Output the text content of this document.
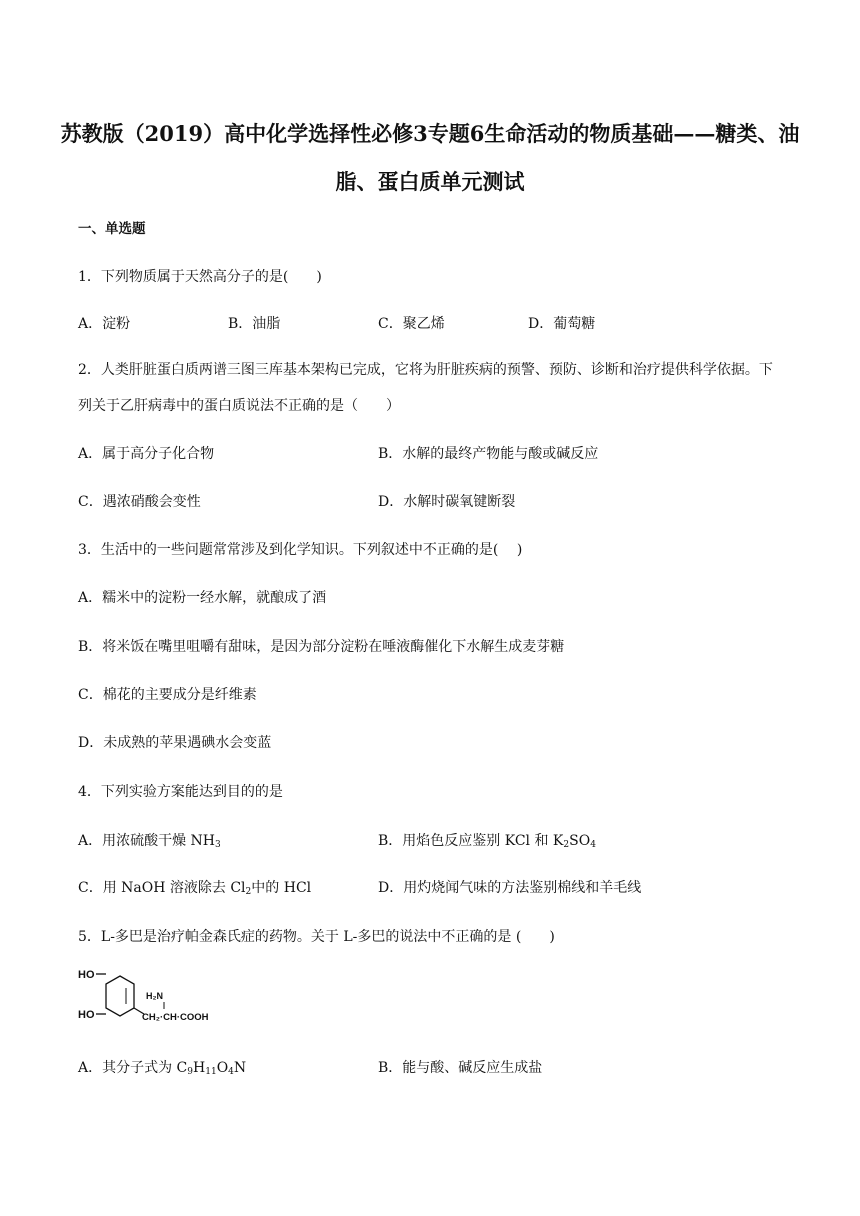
苏教版（2019）高中化学选择性必修3专题6生命活动的物质基础——糖类、油脂、蛋白质单元测试
一、单选题
1．下列物质属于天然高分子的是(　　)
A．淀粉	B．油脂	C．聚乙烯	D．葡萄糖
2．人类肝脏蛋白质两谱三图三库基本架构已完成，它将为肝脏疾病的预警、预防、诊断和治疗提供科学依据。下列关于乙肝病毒中的蛋白质说法不正确的是（　　）
A．属于高分子化合物	B．水解的最终产物能与酸或碱反应
C．遇浓硝酸会变性	D．水解时碳氧键断裂
3．生活中的一些问题常常涉及到化学知识。下列叙述中不正确的是(　 )
A．糯米中的淀粉一经水解，就酿成了酒
B．将米饭在嘴里咀嚼有甜味，是因为部分淀粉在唾液酶催化下水解生成麦芽糖
C．棉花的主要成分是纤维素
D．未成熟的苹果遇碘水会变蓝
4．下列实验方案能达到目的的是
A．用浓硫酸干燥 $NH_3$	B．用焰色反应鉴别 KCl 和 $K_2SO_4$
C．用 NaOH 溶液除去 $Cl_2$中的 HCl	D．用灼烧闻气味的方法鉴别棉线和羊毛线
5．L-多巴是治疗帕金森氏症的药物。关于 L-多巴的说法中不正确的是 (　　)
HO
HO
H₂N
CH₂·CH·COOH
A．其分子式为 $C_9H_{11}O_4N$	B．能与酸、碱反应生成盐
